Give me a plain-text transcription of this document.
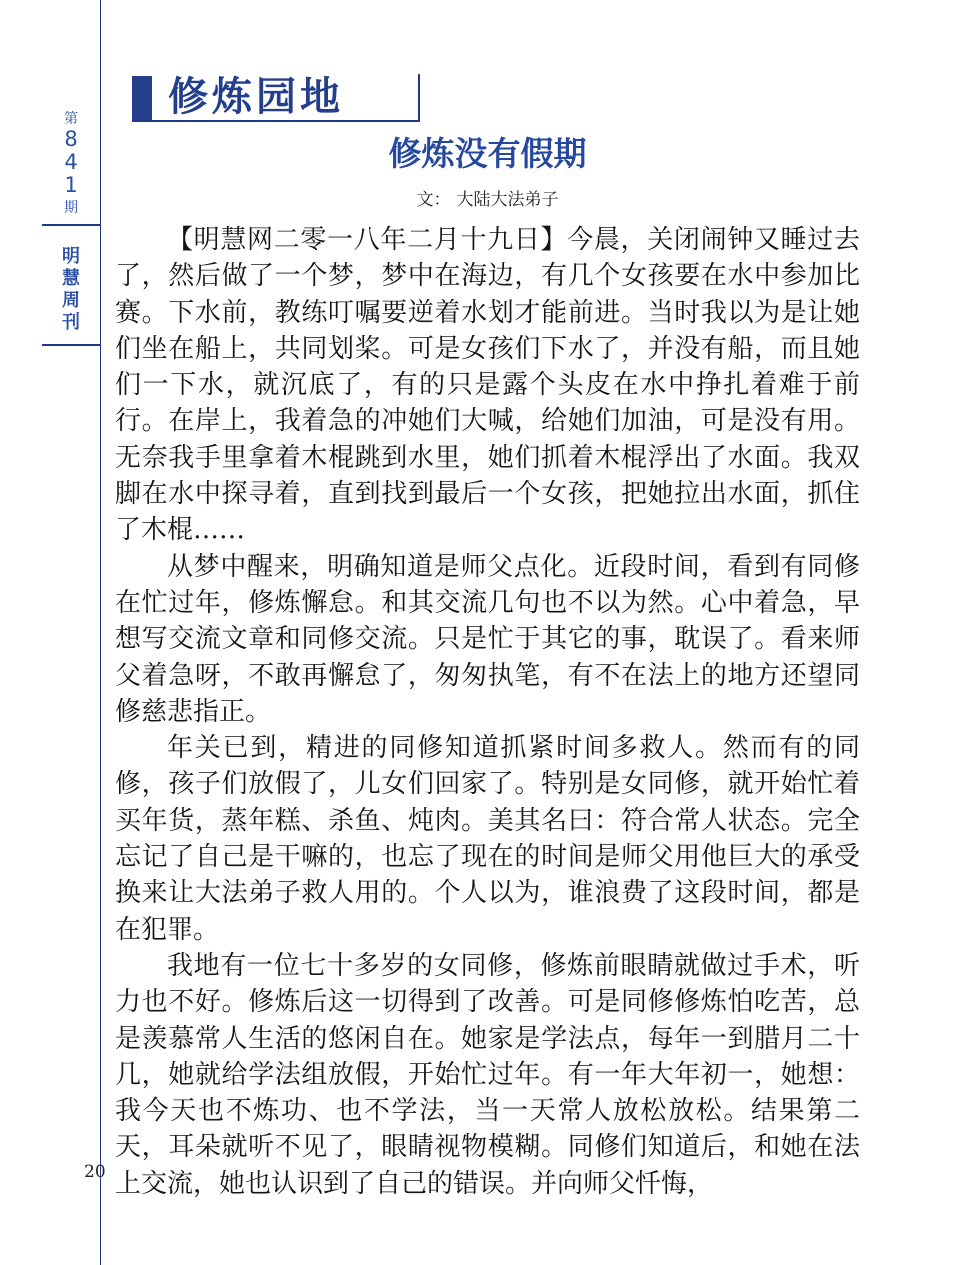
第
8
4
1
期
明
慧
周
刊
修炼园地
修炼没有假期
文： 大陆大法弟子

【明慧网二零一八年二月十九日】今晨，关闭闹钟又睡过去了，然后做了一个梦，梦中在海边，有几个女孩要在水中参加比赛。下水前，教练叮嘱要逆着水划才能前进。当时我以为是让她们坐在船上，共同划桨。可是女孩们下水了，并没有船，而且她们一下水，就沉底了，有的只是露个头皮在水中挣扎着难于前行。在岸上，我着急的冲她们大喊，给她们加油，可是没有用。无奈我手里拿着木棍跳到水里，她们抓着木棍浮出了水面。我双脚在水中探寻着，直到找到最后一个女孩，把她拉出水面，抓住了木棍……

从梦中醒来，明确知道是师父点化。近段时间，看到有同修在忙过年，修炼懈怠。和其交流几句也不以为然。心中着急，早想写交流文章和同修交流。只是忙于其它的事，耽误了。看来师父着急呀，不敢再懈怠了，匆匆执笔，有不在法上的地方还望同修慈悲指正。

年关已到，精进的同修知道抓紧时间多救人。然而有的同修，孩子们放假了，儿女们回家了。特别是女同修，就开始忙着买年货，蒸年糕、杀鱼、炖肉。美其名曰：符合常人状态。完全忘记了自己是干嘛的，也忘了现在的时间是师父用他巨大的承受换来让大法弟子救人用的。个人以为，谁浪费了这段时间，都是在犯罪。

我地有一位七十多岁的女同修，修炼前眼睛就做过手术，听力也不好。修炼后这一切得到了改善。可是同修修炼怕吃苦，总是羡慕常人生活的悠闲自在。她家是学法点，每年一到腊月二十几，她就给学法组放假，开始忙过年。有一年大年初一，她想：我今天也不炼功、也不学法，当一天常人放松放松。结果第二天，耳朵就听不见了，眼睛视物模糊。同修们知道后，和她在法上交流，她也认识到了自己的错误。并向师父忏悔，

20
